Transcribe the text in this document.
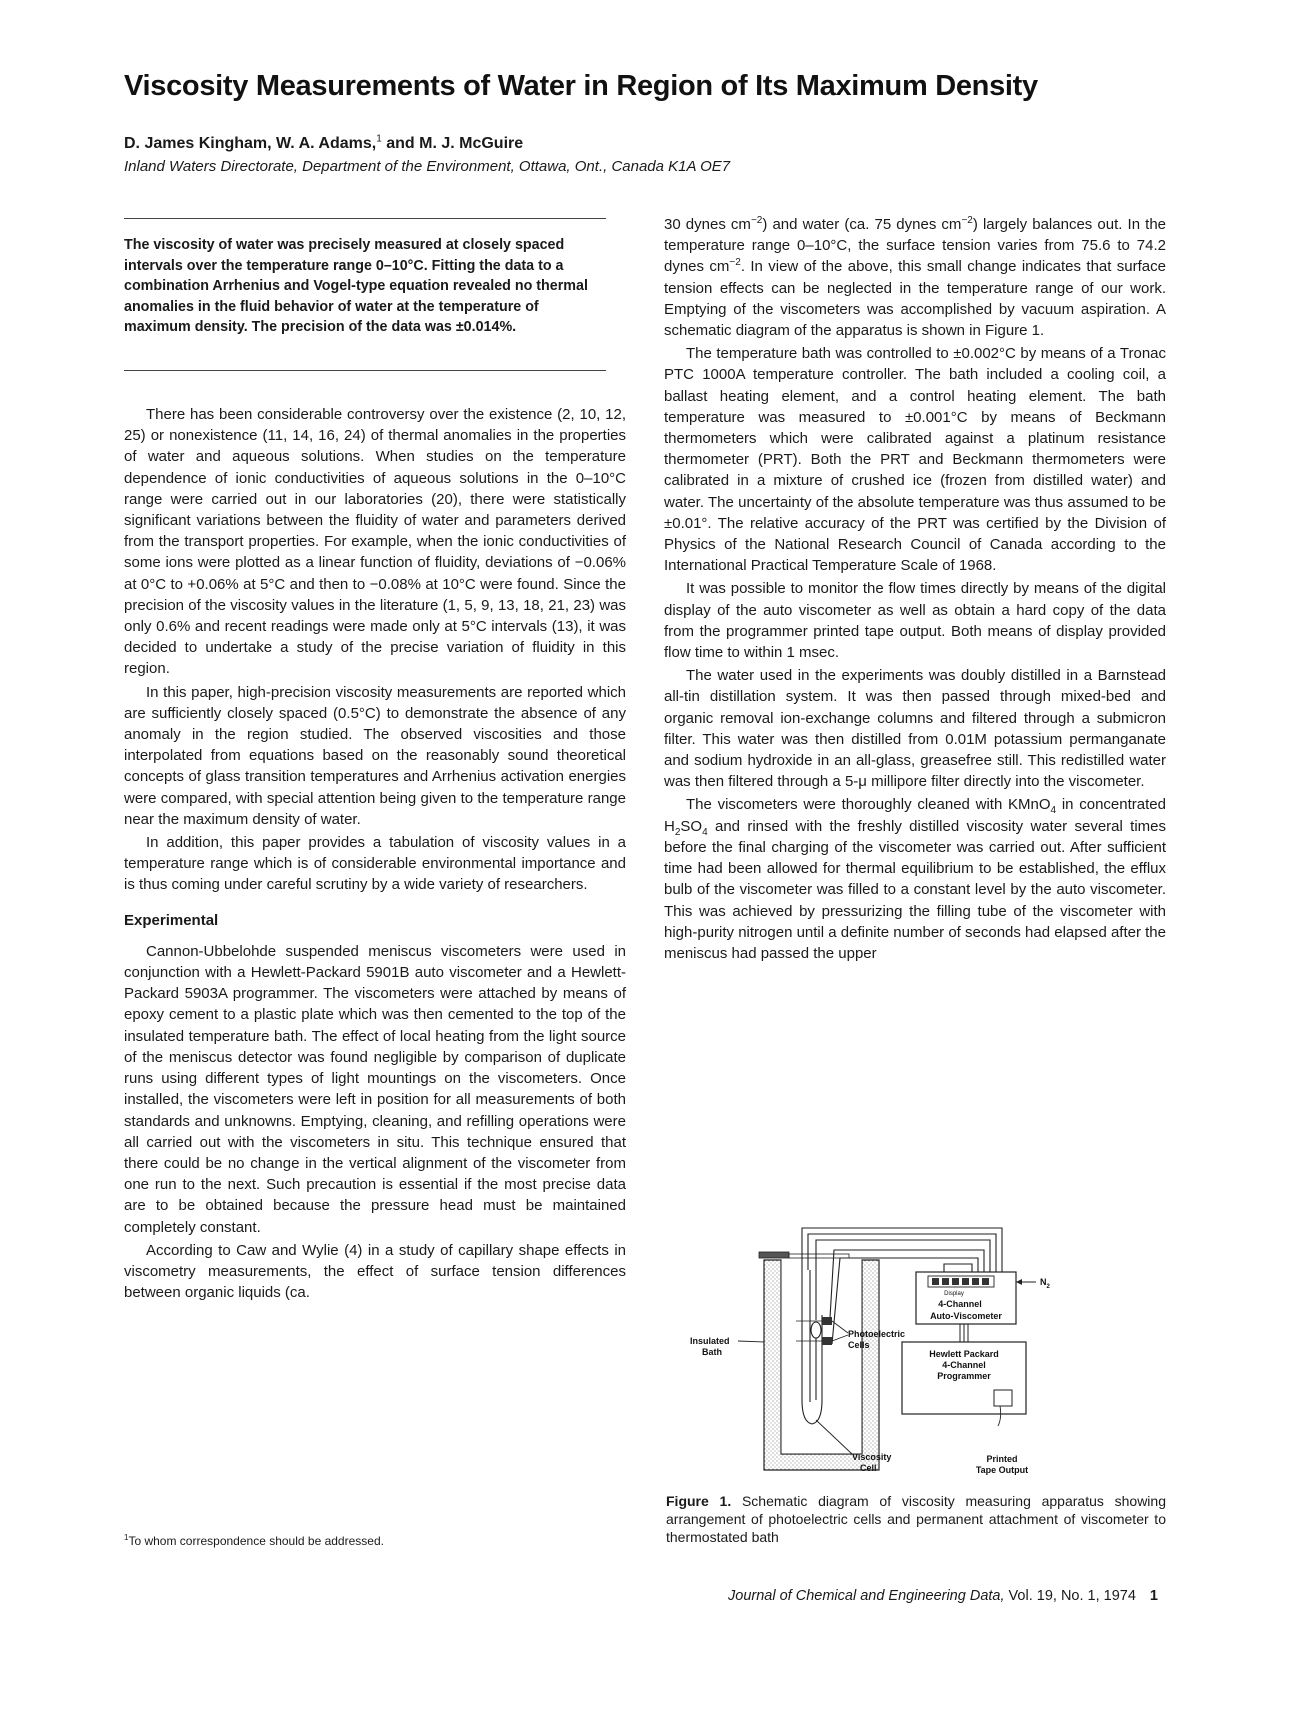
Viscosity Measurements of Water in Region of Its Maximum Density
D. James Kingham, W. A. Adams,$^1$ and M. J. McGuire
Inland Waters Directorate, Department of the Environment, Ottawa, Ont., Canada K1A OE7
The viscosity of water was precisely measured at closely spaced intervals over the temperature range 0–10°C. Fitting the data to a combination Arrhenius and Vogel-type equation revealed no thermal anomalies in the fluid behavior of water at the temperature of maximum density. The precision of the data was ±0.014%.

There has been considerable controversy over the existence (2, 10, 12, 25) or nonexistence (11, 14, 16, 24) of thermal anomalies in the properties of water and aqueous solutions. When studies on the temperature dependence of ionic conductivities of aqueous solutions in the 0–10°C range were carried out in our laboratories (20), there were statistically significant variations between the fluidity of water and parameters derived from the transport properties. For example, when the ionic conductivities of some ions were plotted as a linear function of fluidity, deviations of −0.06% at 0°C to +0.06% at 5°C and then to −0.08% at 10°C were found. Since the precision of the viscosity values in the literature (1, 5, 9, 13, 18, 21, 23) was only 0.6% and recent readings were made only at 5°C intervals (13), it was decided to undertake a study of the precise variation of fluidity in this region.

In this paper, high-precision viscosity measurements are reported which are sufficiently closely spaced (0.5°C) to demonstrate the absence of any anomaly in the region studied. The observed viscosities and those interpolated from equations based on the reasonably sound theoretical concepts of glass transition temperatures and Arrhenius activation energies were compared, with special attention being given to the temperature range near the maximum density of water.

In addition, this paper provides a tabulation of viscosity values in a temperature range which is of considerable environmental importance and is thus coming under careful scrutiny by a wide variety of researchers.

Experimental

Cannon-Ubbelohde suspended meniscus viscometers were used in conjunction with a Hewlett-Packard 5901B auto viscometer and a Hewlett-Packard 5903A programmer. The viscometers were attached by means of epoxy cement to a plastic plate which was then cemented to the top of the insulated temperature bath. The effect of local heating from the light source of the meniscus detector was found negligible by comparison of duplicate runs using different types of light mountings on the viscometers. Once installed, the viscometers were left in position for all measurements of both standards and unknowns. Emptying, cleaning, and refilling operations were all carried out with the viscometers in situ. This technique ensured that there could be no change in the vertical alignment of the viscometer from one run to the next. Such precaution is essential if the most precise data are to be obtained because the pressure head must be maintained completely constant.

According to Caw and Wylie (4) in a study of capillary shape effects in viscometry measurements, the effect of surface tension differences between organic liquids (ca.

$^1$To whom correspondence should be addressed.

30 dynes $cm^{-2}$) and water (ca. 75 dynes $cm^{-2}$) largely balances out. In the temperature range 0–10°C, the surface tension varies from 75.6 to 74.2 dynes $cm^{-2}$. In view of the above, this small change indicates that surface tension effects can be neglected in the temperature range of our work. Emptying of the viscometers was accomplished by vacuum aspiration. A schematic diagram of the apparatus is shown in Figure 1.

The temperature bath was controlled to ±0.002°C by means of a Tronac PTC 1000A temperature controller. The bath included a cooling coil, a ballast heating element, and a control heating element. The bath temperature was measured to ±0.001°C by means of Beckmann thermometers which were calibrated against a platinum resistance thermometer (PRT). Both the PRT and Beckmann thermometers were calibrated in a mixture of crushed ice (frozen from distilled water) and water. The uncertainty of the absolute temperature was thus assumed to be ±0.01°. The relative accuracy of the PRT was certified by the Division of Physics of the National Research Council of Canada according to the International Practical Temperature Scale of 1968.

It was possible to monitor the flow times directly by means of the digital display of the auto viscometer as well as obtain a hard copy of the data from the programmer printed tape output. Both means of display provided flow time to within 1 msec.

The water used in the experiments was doubly distilled in a Barnstead all-tin distillation system. It was then passed through mixed-bed and organic removal ion-exchange columns and filtered through a submicron filter. This water was then distilled from 0.01M potassium permanganate and sodium hydroxide in an all-glass, greasefree still. This redistilled water was then filtered through a 5-μ millipore filter directly into the viscometer.

The viscometers were thoroughly cleaned with KMnO$_4$ in concentrated $H_2SO_4$ and rinsed with the freshly distilled viscosity water several times before the final charging of the viscometer was carried out. After sufficient time had been allowed for thermal equilibrium to be established, the efflux bulb of the viscometer was filled to a constant level by the auto viscometer. This was achieved by pressurizing the filling tube of the viscometer with high-purity nitrogen until a definite number of seconds had elapsed after the meniscus had passed the upper

Display
4-Channel
Auto-Viscometer
$N_2$
Hewlett Packard
4-Channel
Programmer
Printed
Tape Output
Insulated
Bath
Photoelectric
Cells
Viscosity
Cell
Figure 1. Schematic diagram of viscosity measuring apparatus showing arrangement of photoelectric cells and permanent attachment of viscometer to thermostated bath
Journal of Chemical and Engineering Data, Vol. 19, No. 1, 1974 1
